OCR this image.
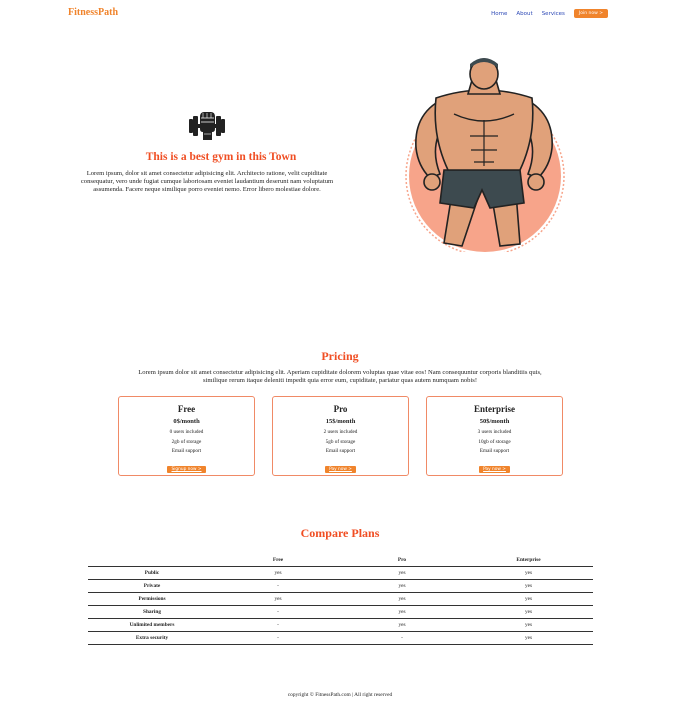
FitnessPath	Home About Services	Join now >
This is a best gym in this Town
Lorem ipsum, dolor sit amet consectetur adipisicing elit. Architecto ratione, velit cupiditate consequatur, vero unde fugiat cumque laboriosam eveniet laudantium deserunt nam voluptatum assumenda. Facere neque similique porro eveniet nemo. Error libero molestiae dolore.
Pricing
Lorem ipsum dolor sit amet consectetur adipisicing elit. Aperiam cupiditate dolorem voluptas quae vitae eos! Nam consequuntur corporis blanditiis quis, similique rerum itaque deleniti impedit quia error eum, cupiditate, pariatur quas autem numquam nobis!
Free
0$/month
0 users included
2gb of storage
Email support
Signup now >
Pro
15$/month
2 users included
5gb of storage
Email support
Pay now >
Enterprise
50$/month
3 users included
10gb of storage
Email support
Pay now >
Compare Plans
	Free	Pro	Enterprise
Public	yes	yes	yes
Private	-	yes	yes
Permissions	yes	yes	yes
Sharing	-	yes	yes
Unlimited members	-	yes	yes
Extra security	-	-	yes
copyright © FitnessPath.com | All right reserved
